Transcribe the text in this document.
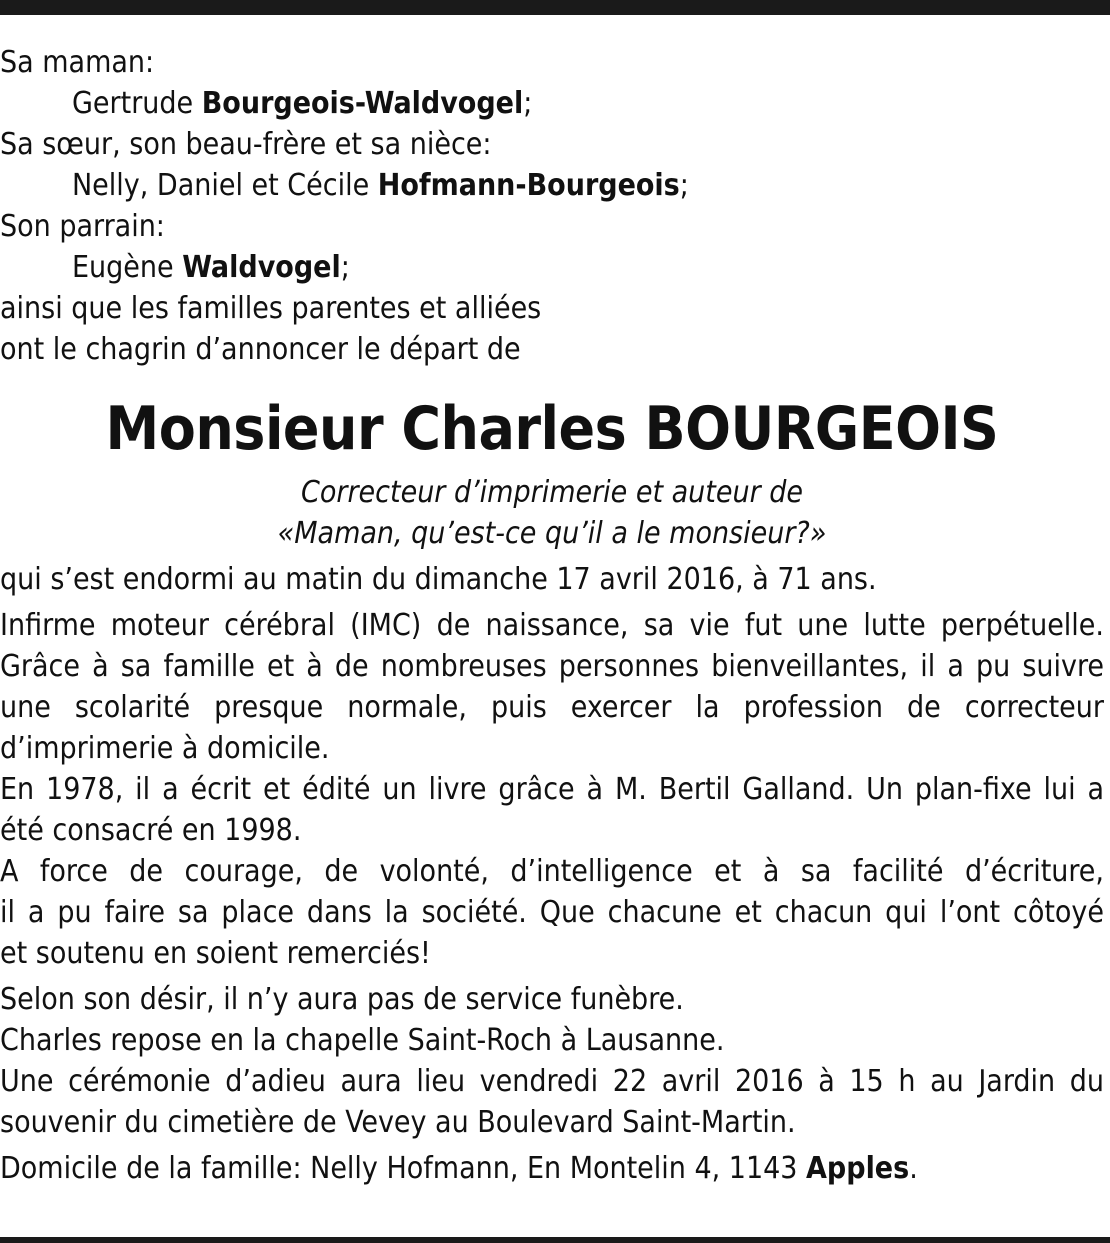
Sa maman:
Gertrude Bourgeois-Waldvogel;
Sa sœur, son beau-frère et sa nièce:
Nelly, Daniel et Cécile Hofmann-Bourgeois;
Son parrain:
Eugène Waldvogel;
ainsi que les familles parentes et alliées
ont le chagrin d’annoncer le départ de
Monsieur Charles BOURGEOIS
Correcteur d’imprimerie et auteur de
«Maman, qu’est-ce qu’il a le monsieur?»
qui s’est endormi au matin du dimanche 17 avril 2016, à 71 ans.
Infirme moteur cérébral (IMC) de naissance, sa vie fut une lutte perpétuelle.
Grâce à sa famille et à de nombreuses personnes bienveillantes, il a pu suivre
une scolarité presque normale, puis exercer la profession de correcteur
d’imprimerie à domicile.
En 1978, il a écrit et édité un livre grâce à M. Bertil Galland. Un plan-fixe lui a
été consacré en 1998.
A force de courage, de volonté, d’intelligence et à sa facilité d’écriture,
il a pu faire sa place dans la société. Que chacune et chacun qui l’ont côtoyé
et soutenu en soient remerciés!
Selon son désir, il n’y aura pas de service funèbre.
Charles repose en la chapelle Saint-Roch à Lausanne.
Une cérémonie d’adieu aura lieu vendredi 22 avril 2016 à 15 h au Jardin du
souvenir du cimetière de Vevey au Boulevard Saint-Martin.
Domicile de la famille: Nelly Hofmann, En Montelin 4, 1143 Apples.
